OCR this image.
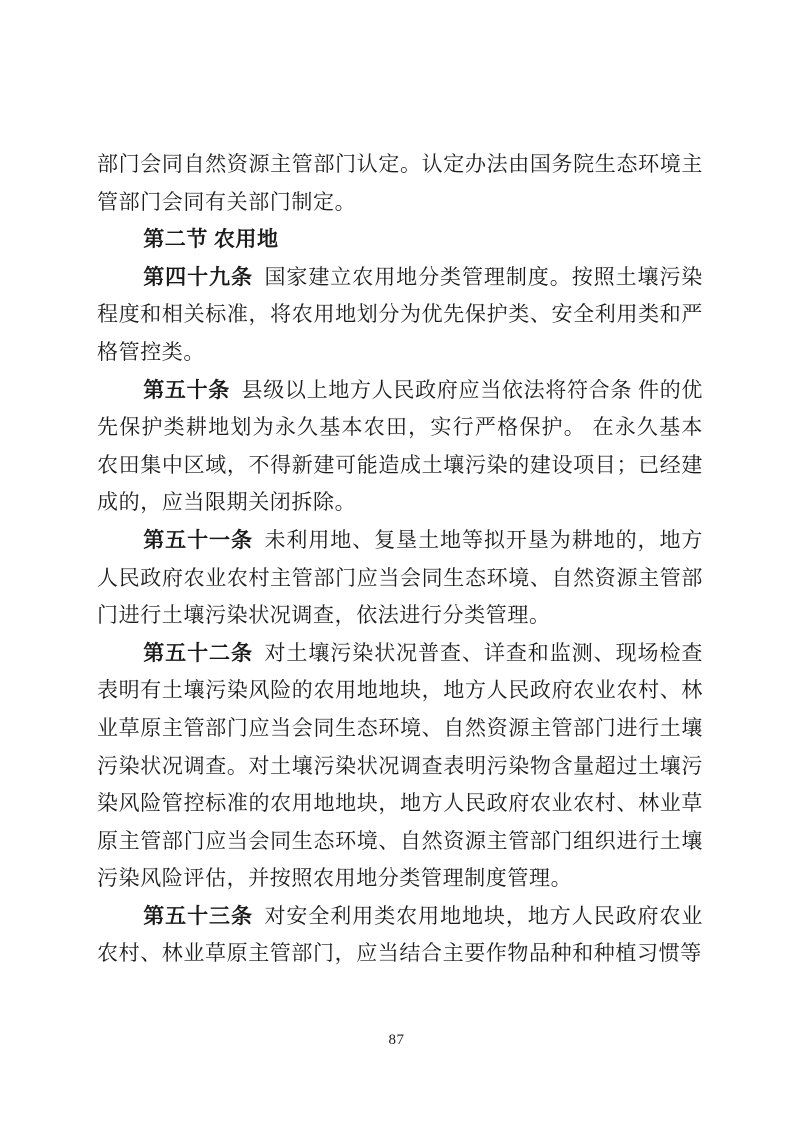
部门会同自然资源主管部门认定。认定办法由国务院生态环境主管部门会同有关部门制定。

第二节 农用地

第四十九条 国家建立农用地分类管理制度。按照土壤污染程度和相关标准，将农用地划分为优先保护类、安全利用类和严格管控类。

第五十条 县级以上地方人民政府应当依法将符合条 件的优先保护类耕地划为永久基本农田，实行严格保护。 在永久基本农田集中区域，不得新建可能造成土壤污染的建设项目；已经建成的，应当限期关闭拆除。

第五十一条 未利用地、复垦土地等拟开垦为耕地的，地方人民政府农业农村主管部门应当会同生态环境、自然资源主管部门进行土壤污染状况调查，依法进行分类管理。

第五十二条 对土壤污染状况普查、详查和监测、现场检查表明有土壤污染风险的农用地地块，地方人民政府农业农村、林业草原主管部门应当会同生态环境、自然资源主管部门进行土壤污染状况调查。对土壤污染状况调查表明污染物含量超过土壤污染风险管控标准的农用地地块，地方人民政府农业农村、林业草原主管部门应当会同生态环境、自然资源主管部门组织进行土壤污染风险评估，并按照农用地分类管理制度管理。

第五十三条 对安全利用类农用地地块，地方人民政府农业农村、林业草原主管部门，应当结合主要作物品种和种植习惯等

87
